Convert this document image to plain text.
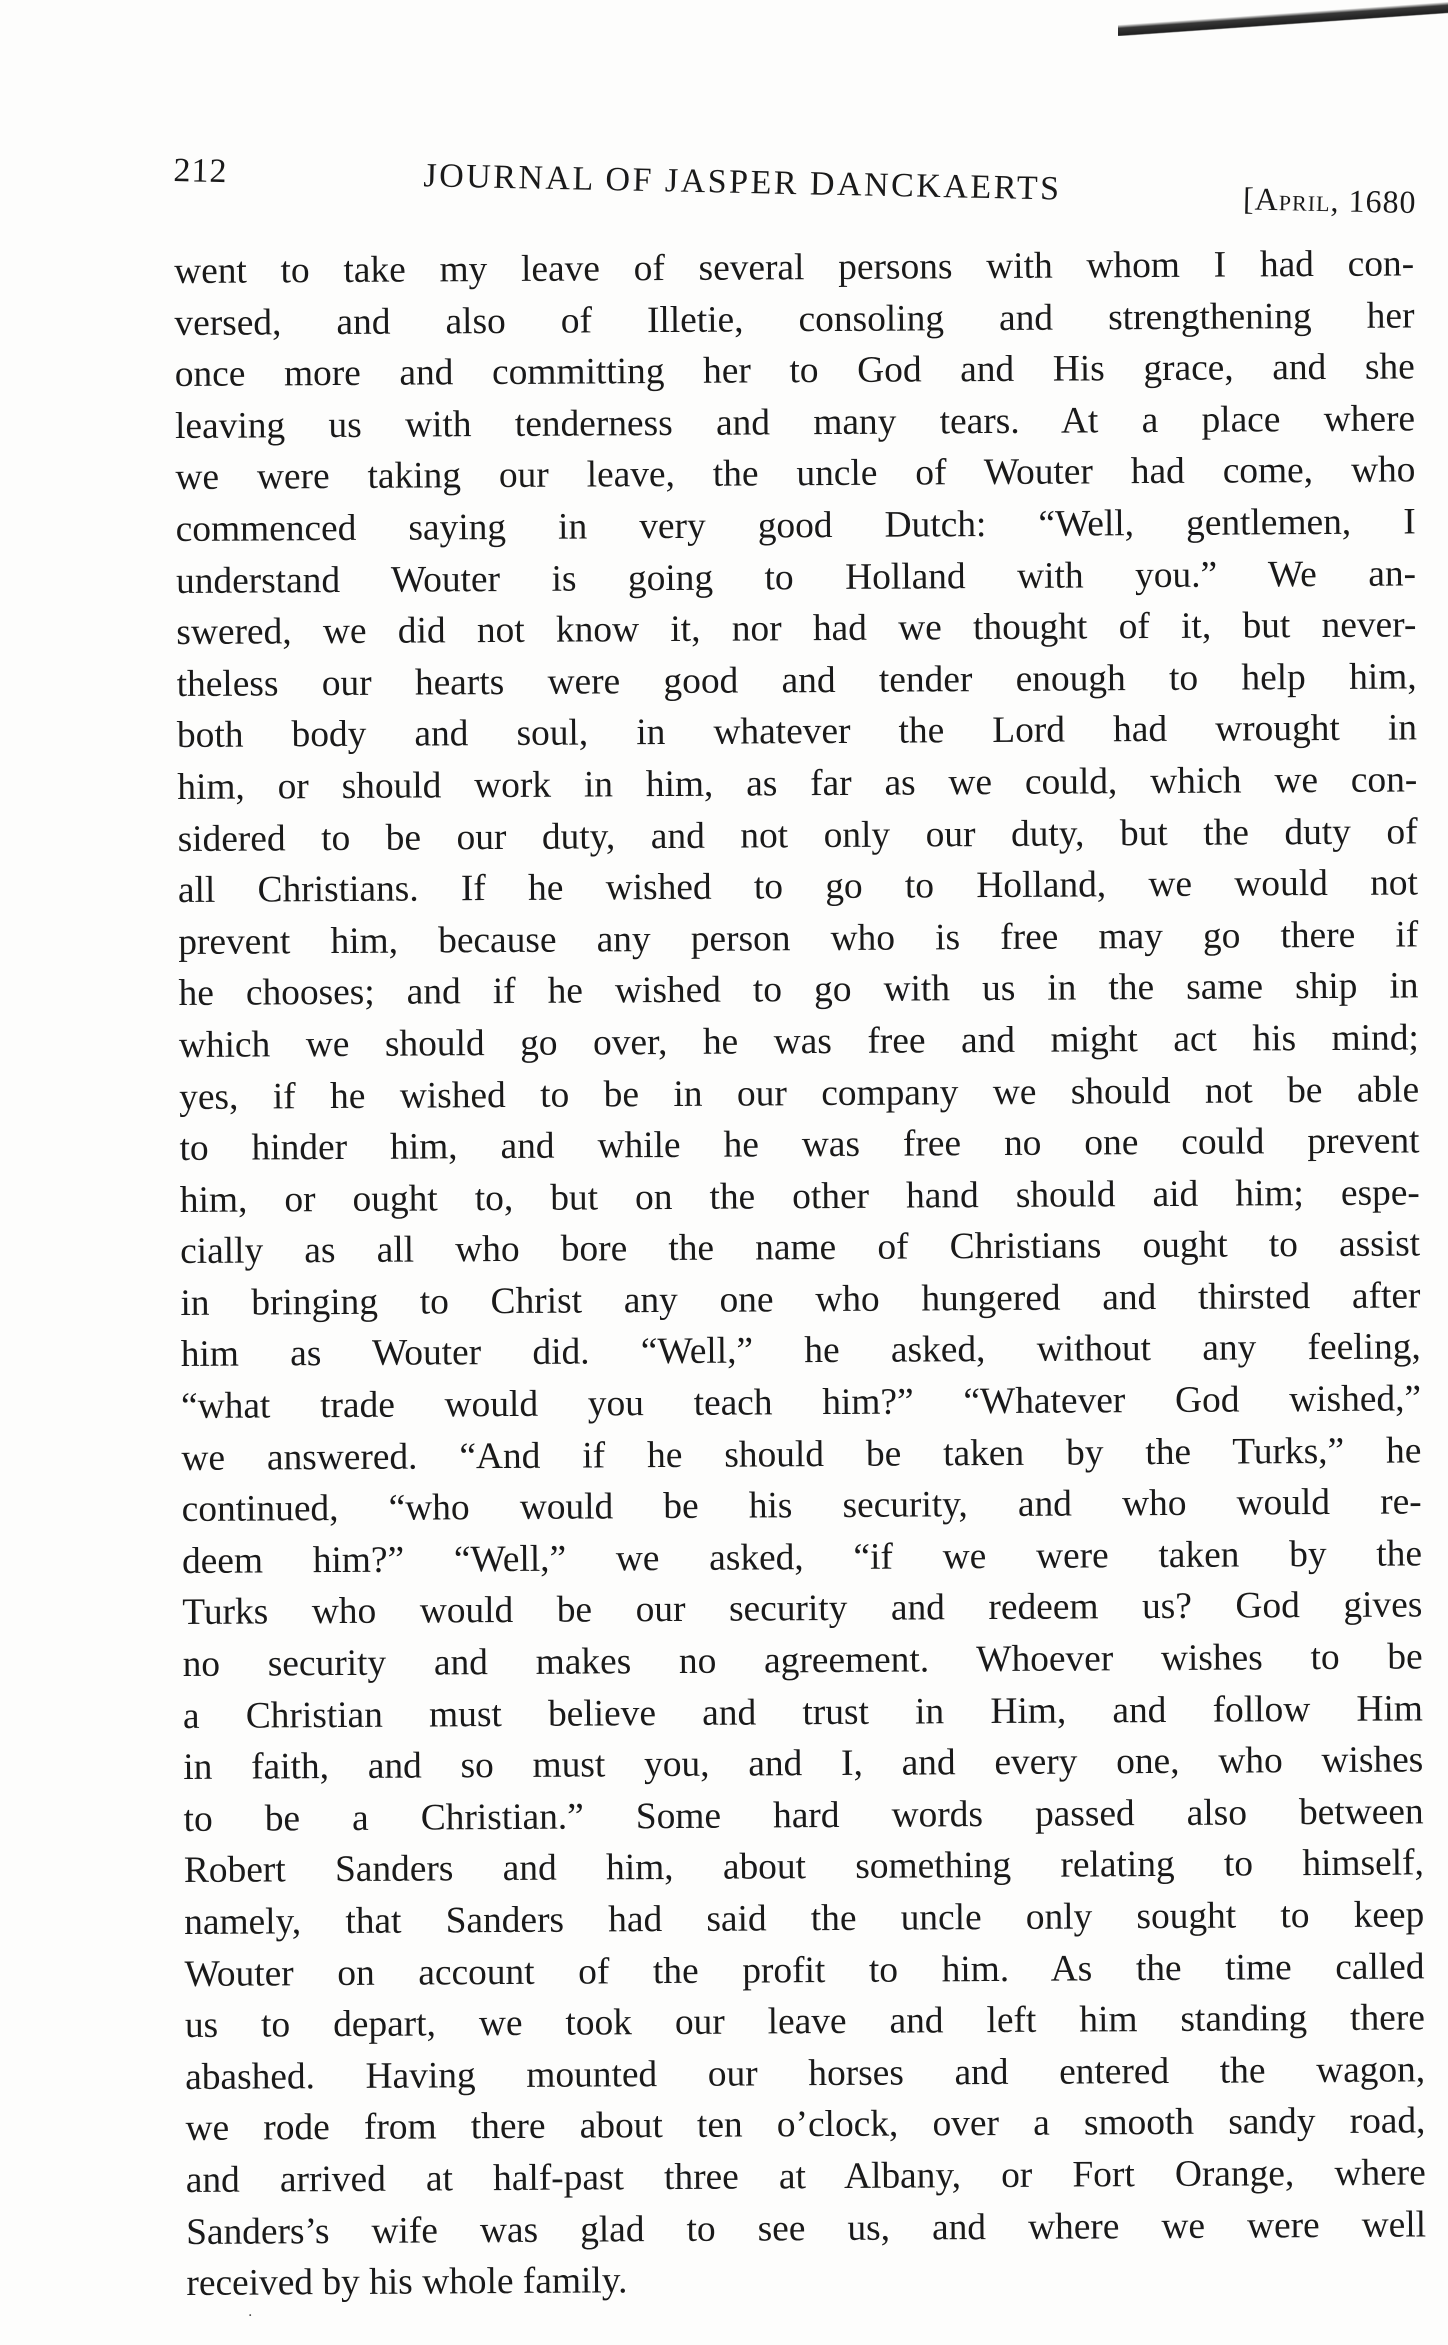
212	JOURNAL OF JASPER DANCKAERTS	[April, 1680
went to take my leave of several persons with whom I had con-
versed, and also of Illetie, consoling and strengthening her
once more and committing her to God and His grace, and she
leaving us with tenderness and many tears. At a place where
we were taking our leave, the uncle of Wouter had come, who
commenced saying in very good Dutch: “Well, gentlemen, I
understand Wouter is going to Holland with you.” We an-
swered, we did not know it, nor had we thought of it, but never-
theless our hearts were good and tender enough to help him,
both body and soul, in whatever the Lord had wrought in
him, or should work in him, as far as we could, which we con-
sidered to be our duty, and not only our duty, but the duty of
all Christians. If he wished to go to Holland, we would not
prevent him, because any person who is free may go there if
he chooses; and if he wished to go with us in the same ship in
which we should go over, he was free and might act his mind;
yes, if he wished to be in our company we should not be able
to hinder him, and while he was free no one could prevent
him, or ought to, but on the other hand should aid him; espe-
cially as all who bore the name of Christians ought to assist
in bringing to Christ any one who hungered and thirsted after
him as Wouter did. “Well,” he asked, without any feeling,
“what trade would you teach him?” “Whatever God wished,”
we answered. “And if he should be taken by the Turks,” he
continued, “who would be his security, and who would re-
deem him?” “Well,” we asked, “if we were taken by the
Turks who would be our security and redeem us? God gives
no security and makes no agreement. Whoever wishes to be
a Christian must believe and trust in Him, and follow Him
in faith, and so must you, and I, and every one, who wishes
to be a Christian.” Some hard words passed also between
Robert Sanders and him, about something relating to himself,
namely, that Sanders had said the uncle only sought to keep
Wouter on account of the profit to him. As the time called
us to depart, we took our leave and left him standing there
abashed. Having mounted our horses and entered the wagon,
we rode from there about ten o’clock, over a smooth sandy road,
and arrived at half-past three at Albany, or Fort Orange, where
Sanders’s wife was glad to see us, and where we were well
received by his whole family.
·
